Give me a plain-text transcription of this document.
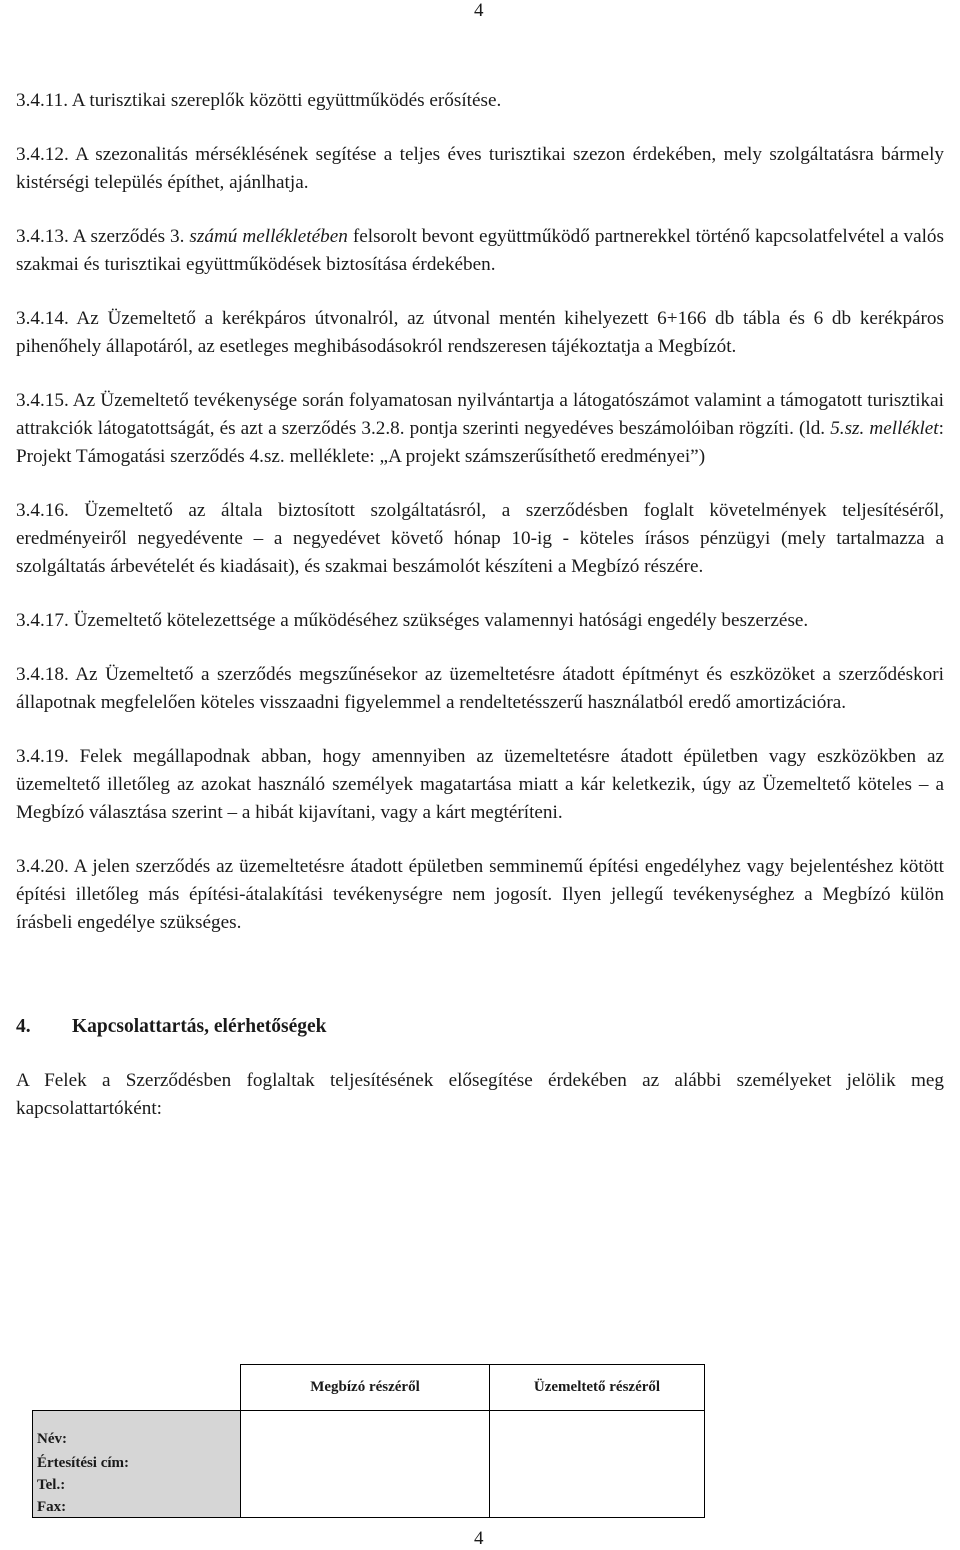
4

3.4.11. A turisztikai szereplők közötti együttműködés erősítése.

3.4.12. A szezonalitás mérséklésének segítése a teljes éves turisztikai szezon érdekében, mely szolgáltatásra bármely kistérségi település építhet, ajánlhatja.

3.4.13. A szerződés 3. számú mellékletében felsorolt bevont együttműködő partnerekkel történő kapcsolatfelvétel a valós szakmai és turisztikai együttműködések biztosítása érdekében.

3.4.14. Az Üzemeltető a kerékpáros útvonalról, az útvonal mentén kihelyezett 6+166 db tábla és 6 db kerékpáros pihenőhely állapotáról, az esetleges meghibásodásokról rendszeresen tájékoztatja a Megbízót.

3.4.15. Az Üzemeltető tevékenysége során folyamatosan nyilvántartja a látogatószámot valamint a támogatott turisztikai attrakciók látogatottságát, és azt a szerződés 3.2.8. pontja szerinti negyedéves beszámolóiban rögzíti. (ld. 5.sz. melléklet: Projekt Támogatási szerződés 4.sz. melléklete: „A projekt számszerűsíthető eredményei”)

3.4.16. Üzemeltető az általa biztosított szolgáltatásról, a szerződésben foglalt követelmények teljesítéséről, eredményeiről negyedévente – a negyedévet követő hónap 10-ig - köteles írásos pénzügyi (mely tartalmazza a szolgáltatás árbevételét és kiadásait), és szakmai beszámolót készíteni a Megbízó részére.

3.4.17. Üzemeltető kötelezettsége a működéséhez szükséges valamennyi hatósági engedély beszerzése.

3.4.18. Az Üzemeltető a szerződés megszűnésekor az üzemeltetésre átadott építményt és eszközöket a szerződéskori állapotnak megfelelően köteles visszaadni figyelemmel a rendeltetésszerű használatból eredő amortizációra.

3.4.19. Felek megállapodnak abban, hogy amennyiben az üzemeltetésre átadott épületben vagy eszközökben az üzemeltető illetőleg az azokat használó személyek magatartása miatt a kár keletkezik, úgy az Üzemeltető köteles – a Megbízó választása szerint – a hibát kijavítani, vagy a kárt megtéríteni.

3.4.20. A jelen szerződés az üzemeltetésre átadott épületben semminemű építési engedélyhez vagy bejelentéshez kötött építési illetőleg más építési-átalakítási tevékenységre nem jogosít. Ilyen jellegű tevékenységhez a Megbízó külön írásbeli engedélye szükséges.

4. Kapcsolattartás, elérhetőségek

A Felek a Szerződésben foglaltak teljesítésének elősegítése érdekében az alábbi személyeket jelölik meg kapcsolattartóként:

	Megbízó részéről	Üzemeltető részéről

Név:
Értesítési cím:
Tel.:
Fax:		

4
